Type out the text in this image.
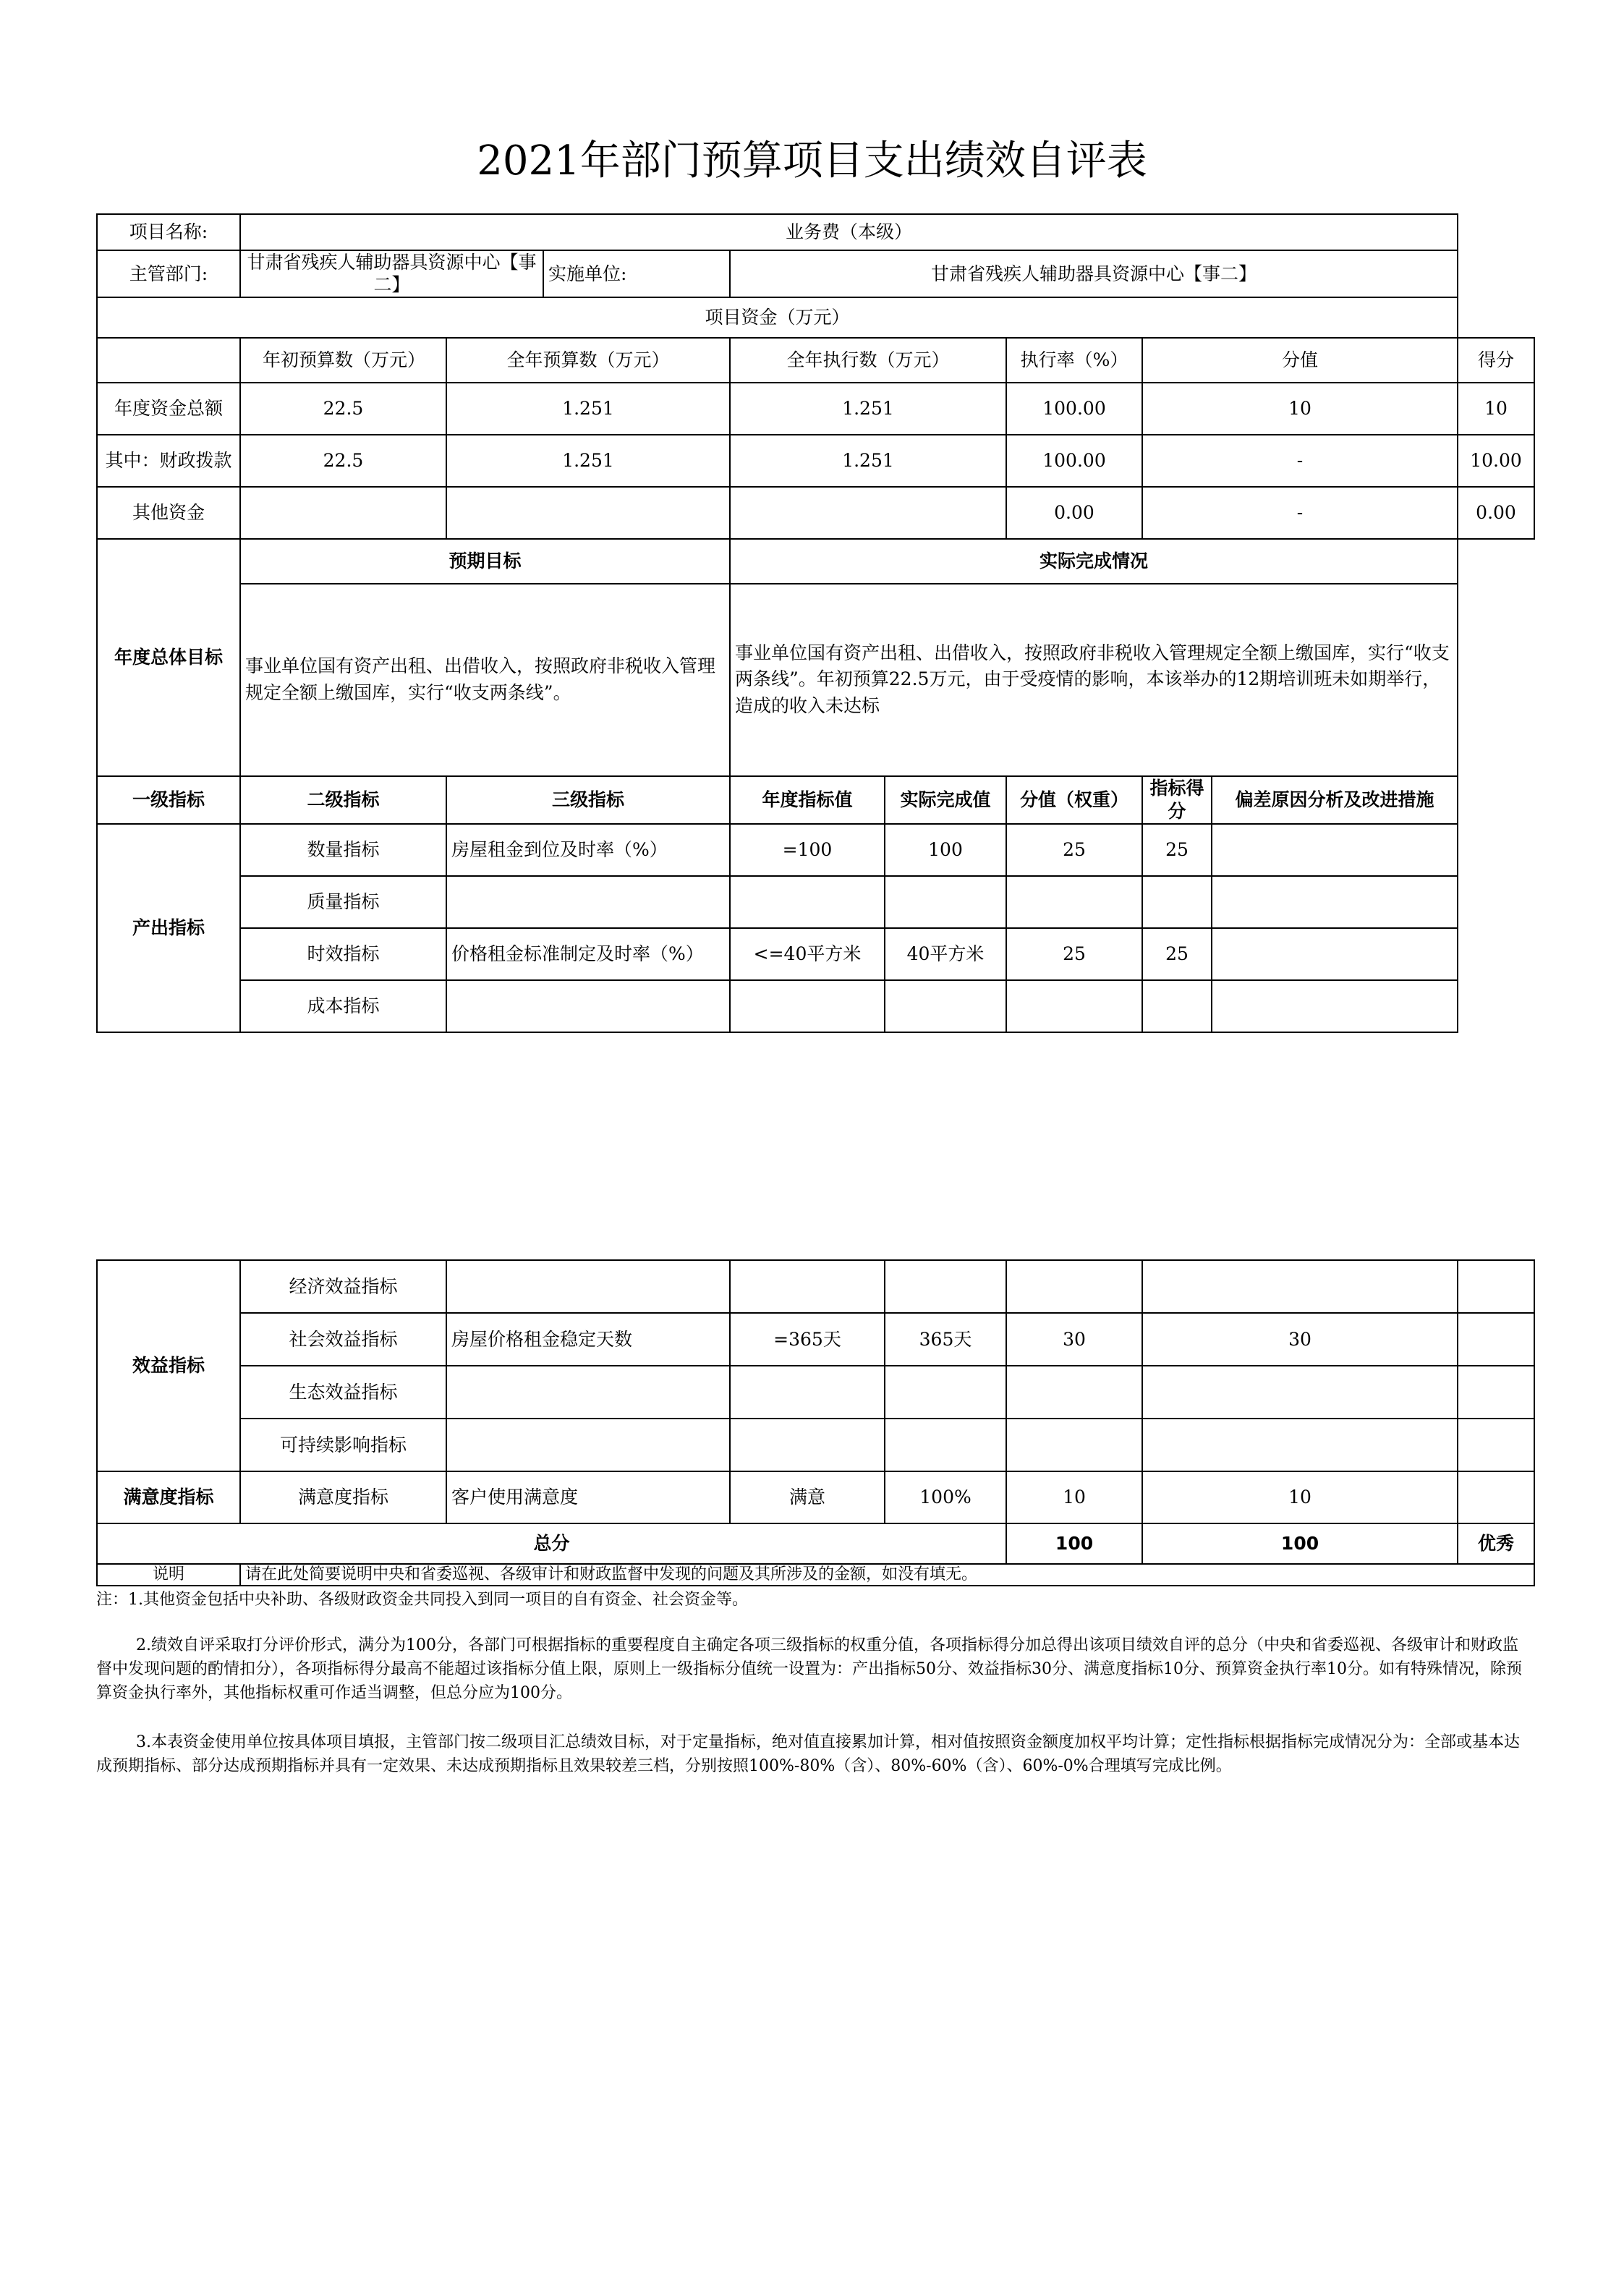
2021年部门预算项目支出绩效自评表
项目名称:	业务费（本级）								
主管部门:	甘肃省残疾人辅助器具资源中心【事二】		实施单位:	甘肃省残疾人辅助器具资源中心【事二】					
项目资金（万元）									
	年初预算数（万元）	全年预算数（万元）		全年执行数（万元）		执行率（%）	分值		得分
年度资金总额	22.5	1.251		1.251		100.00	10		10
其中：财政拨款	22.5	1.251		1.251		100.00	-		10.00
其他资金						0.00	-		0.00
年度总体目标	预期目标			实际完成情况					
	事业单位国有资产出租、出借收入，按照政府非税收入管理规定全额上缴国库，实行“收支两条线”。			事业单位国有资产出租、出借收入，按照政府非税收入管理规定全额上缴国库，实行“收支两条线”。年初预算22.5万元，由于受疫情的影响，本该举办的12期培训班未如期举行，造成的收入未达标					
一级指标	二级指标	三级指标		年度指标值	实际完成值	分值（权重）	指标得分	偏差原因分析及改进措施	
产出指标	数量指标	房屋租金到位及时率（%）		=100	100	25	25		
	质量指标								
	时效指标	价格租金标准制定及时率（%）		<=40平方米	40平方米	25	25		
	成本指标								
效益指标	经济效益指标						
	社会效益指标	房屋价格租金稳定天数	=365天	365天	30	30	
	生态效益指标						
	可持续影响指标						
满意度指标	满意度指标	客户使用满意度	满意	100%	10	10	
总分					100	100	优秀
说明	请在此处简要说明中央和省委巡视、各级审计和财政监督中发现的问题及其所涉及的金额，如没有填无。						
注：1.其他资金包括中央补助、各级财政资金共同投入到同一项目的自有资金、社会资金等。
2.绩效自评采取打分评价形式，满分为100分，各部门可根据指标的重要程度自主确定各项三级指标的权重分值，各项指标得分加总得出该项目绩效自评的总分（中央和省委巡视、各级审计和财政监督中发现问题的酌情扣分），各项指标得分最高不能超过该指标分值上限，原则上一级指标分值统一设置为：产出指标50分、效益指标30分、满意度指标10分、预算资金执行率10分。如有特殊情况，除预算资金执行率外，其他指标权重可作适当调整，但总分应为100分。
3.本表资金使用单位按具体项目填报，主管部门按二级项目汇总绩效目标，对于定量指标，绝对值直接累加计算，相对值按照资金额度加权平均计算；定性指标根据指标完成情况分为：全部或基本达成预期指标、部分达成预期指标并具有一定效果、未达成预期指标且效果较差三档，分别按照100%-80%（含）、80%-60%（含）、60%-0%合理填写完成比例。
